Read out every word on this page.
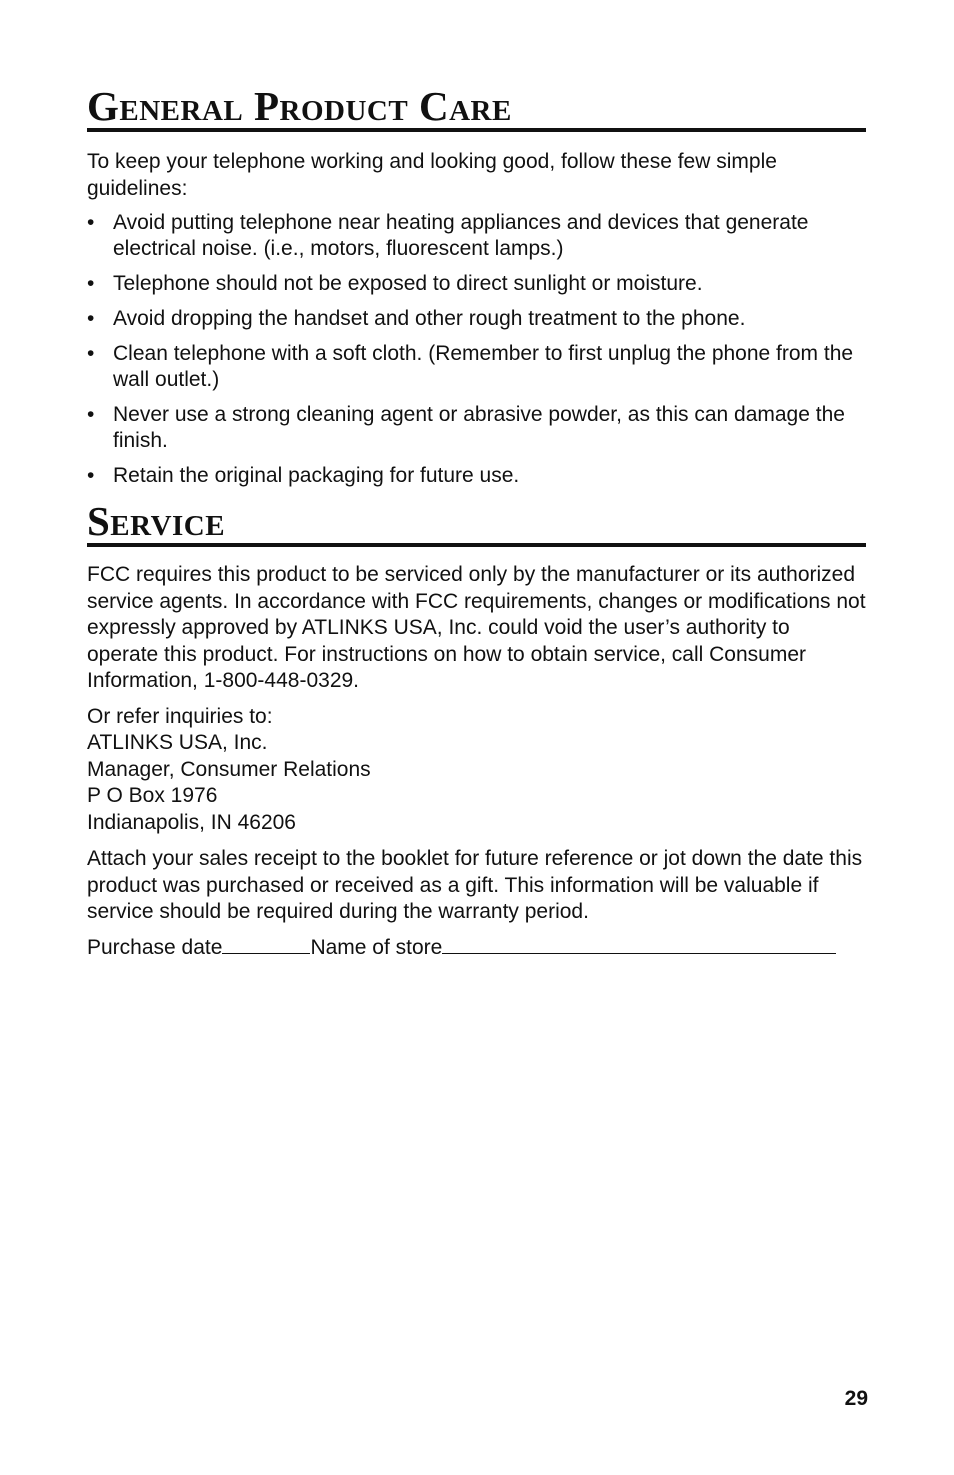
General Product Care

To keep your telephone working and looking good, follow these few simple guidelines:

• Avoid putting telephone near heating appliances and devices that generate electrical noise. (i.e., motors, fluorescent lamps.)
• Telephone should not be exposed to direct sunlight or moisture.
• Avoid dropping the handset and other rough treatment to the phone.
• Clean telephone with a soft cloth. (Remember to first unplug the phone from the wall outlet.)
• Never use a strong cleaning agent or abrasive powder, as this can damage the finish.
• Retain the original packaging for future use.
Service

FCC requires this product to be serviced only by the manufacturer or its authorized service agents. In accordance with FCC requirements, changes or modifications not expressly approved by ATLINKS USA, Inc. could void the user’s authority to operate this product. For instructions on how to obtain service, call Consumer Information, 1-800-448-0329.

Or refer inquiries to:

ATLINKS USA, Inc.

Manager, Consumer Relations

P O Box 1976

Indianapolis, IN 46206

Attach your sales receipt to the booklet for future reference or jot down the date this product was purchased or received as a gift. This information will be valuable if service should be required during the warranty period.

Purchase date	Name of store

29
